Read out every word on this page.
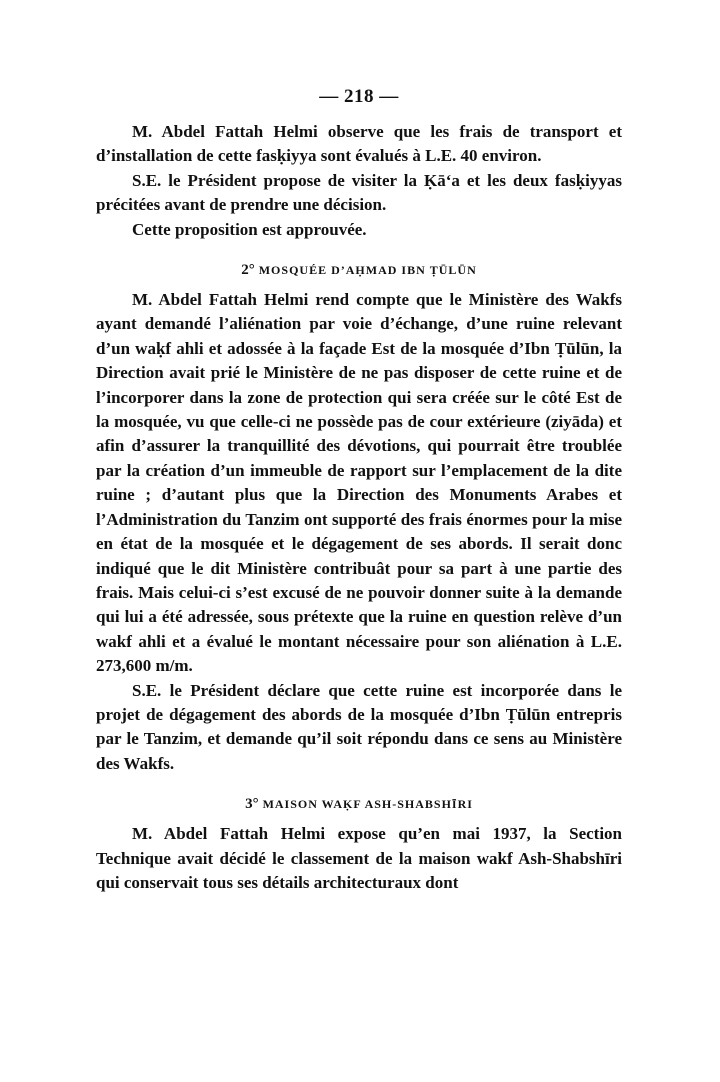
— 218 —

M. Abdel Fattah Helmi observe que les frais de transport et d’installation de cette fasḳiyya sont évalués à L.E. 40 environ.

S.E. le Président propose de visiter la Ḳā‘a et les deux fasḳiyyas précitées avant de prendre une décision.

Cette proposition est approuvée.

2° MOSQUÉE D’AḤMAD IBN ṬŪLŪN

M. Abdel Fattah Helmi rend compte que le Ministère des Wakfs ayant demandé l’aliénation par voie d’échange, d’une ruine relevant d’un waḳf ahli et adossée à la façade Est de la mosquée d’Ibn Ṭūlūn, la Direction avait prié le Ministère de ne pas disposer de cette ruine et de l’incorporer dans la zone de protection qui sera créée sur le côté Est de la mosquée, vu que celle-ci ne possède pas de cour extérieure (ziyāda) et afin d’assurer la tranquillité des dévotions, qui pourrait être troublée par la création d’un immeuble de rapport sur l’emplacement de la dite ruine ; d’autant plus que la Direction des Monuments Arabes et l’Administration du Tanzim ont supporté des frais énormes pour la mise en état de la mosquée et le dégagement de ses abords. Il serait donc indiqué que le dit Ministère contribuât pour sa part à une partie des frais. Mais celui-ci s’est excusé de ne pouvoir donner suite à la demande qui lui a été adressée, sous prétexte que la ruine en question relève d’un wakf ahli et a évalué le montant nécessaire pour son aliénation à L.E. 273,600 m/m.

S.E. le Président déclare que cette ruine est incorporée dans le projet de dégagement des abords de la mosquée d’Ibn Ṭūlūn entrepris par le Tanzim, et demande qu’il soit répondu dans ce sens au Ministère des Wakfs.

3° MAISON WAḲF ASH-SHABSHĪRI

M. Abdel Fattah Helmi expose qu’en mai 1937, la Section Technique avait décidé le classement de la maison wakf Ash-Shabshīri qui conservait tous ses détails architecturaux dont
